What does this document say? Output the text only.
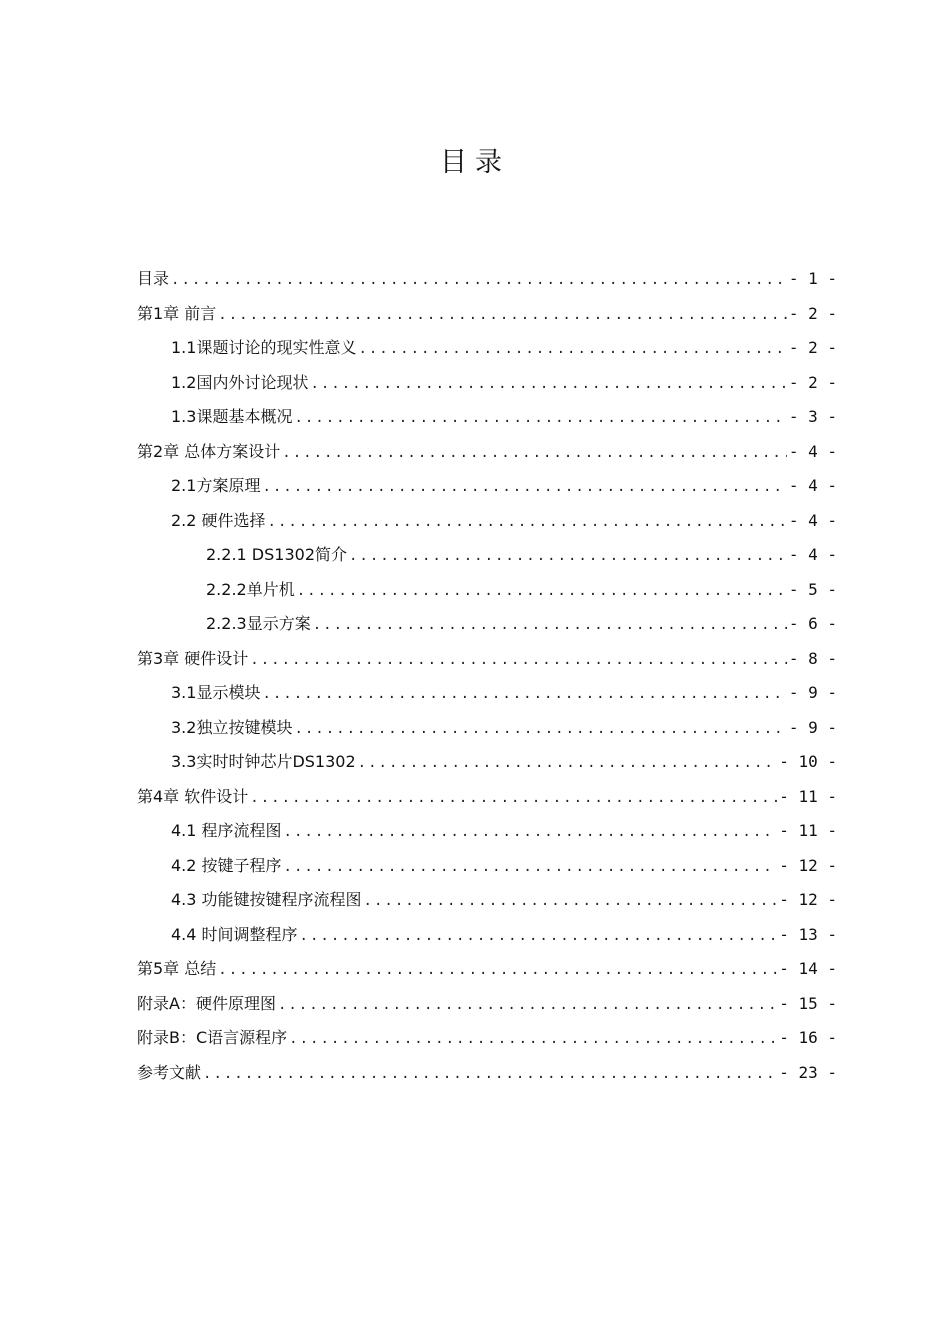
目录
目录 .....	- 1 -
第1章 前言 .....	- 2 -
1.1课题讨论的现实性意义 .....	- 2 -
1.2国内外讨论现状 .....	- 2 -
1.3课题基本概况 .....	- 3 -
第2章 总体方案设计 .....	- 4 -
2.1方案原理 .....	- 4 -
2.2 硬件选择 .....	- 4 -
2.2.1 DS1302简介 .....	- 4 -
2.2.2单片机 .....	- 5 -
2.2.3显示方案 .....	- 6 -
第3章 硬件设计 .....	- 8 -
3.1显示模块 .....	- 9 -
3.2独立按键模块 .....	- 9 -
3.3实时时钟芯片DS1302 .....	- 10 -
第4章 软件设计 .....	- 11 -
4.1 程序流程图 .....	- 11 -
4.2 按键子程序 .....	- 12 -
4.3 功能键按键程序流程图 .....	- 12 -
4.4 时间调整程序 .....	- 13 -
第5章 总结 .....	- 14 -
附录A：硬件原理图 .....	- 15 -
附录B：C语言源程序 .....	- 16 -
参考文献 .....	- 23 -
